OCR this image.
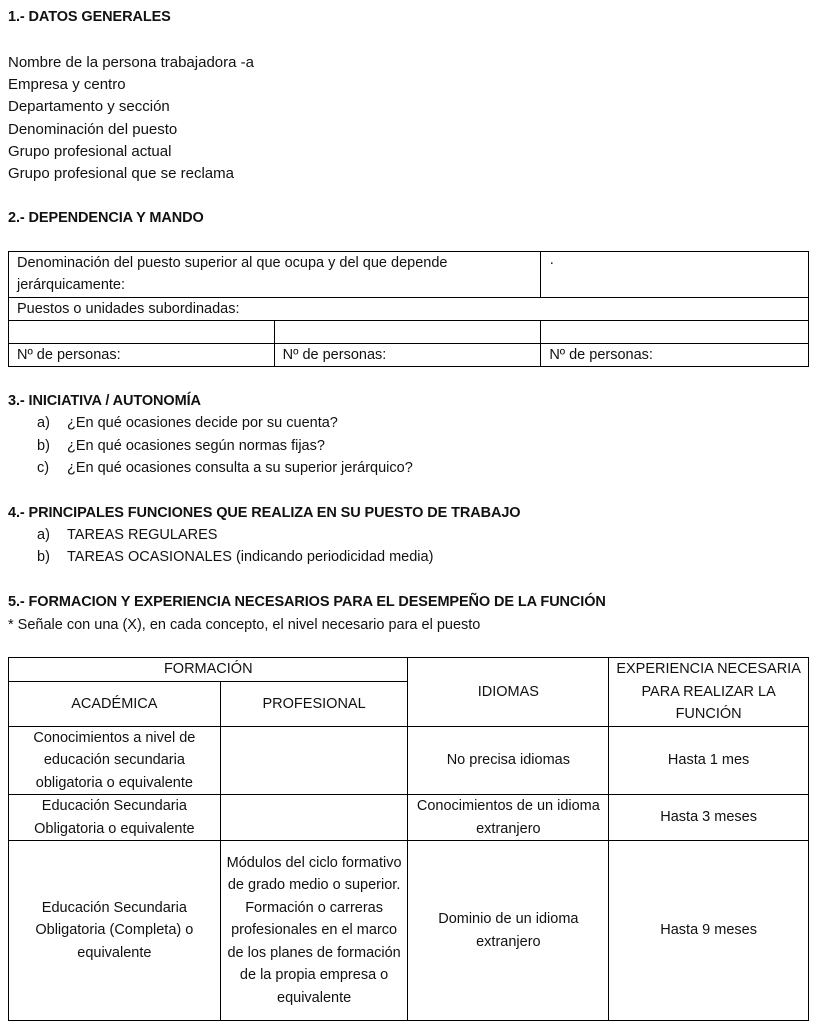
1.- DATOS GENERALES
Nombre de la persona trabajadora -a
Empresa y centro
Departamento y sección
Denominación del puesto
Grupo profesional actual
Grupo profesional que se reclama
2.- DEPENDENCIA Y MANDO
Denominación del puesto superior al que ocupa y del que depende jerárquicamente:		·
Puestos o unidades subordinadas:		

Nº de personas:	Nº de personas:	Nº de personas:
3.- INICIATIVA / AUTONOMÍA
a) ¿En qué ocasiones decide por su cuenta?
b) ¿En qué ocasiones según normas fijas?
c) ¿En qué ocasiones consulta a su superior jerárquico?
4.- PRINCIPALES FUNCIONES QUE REALIZA EN SU PUESTO DE TRABAJO
a) TAREAS REGULARES
b) TAREAS OCASIONALES (indicando periodicidad media)
5.- FORMACION Y EXPERIENCIA NECESARIOS PARA EL DESEMPEÑO DE LA FUNCIÓN
* Señale con una (X), en cada concepto, el nivel necesario para el puesto
FORMACIÓN		IDIOMAS	EXPERIENCIA NECESARIA PARA REALIZAR LA FUNCIÓN
ACADÉMICA	PROFESIONAL		
Conocimientos a nivel de educación secundaria obligatoria o equivalente		No precisa idiomas	Hasta 1 mes
Educación Secundaria Obligatoria o equivalente		Conocimientos de un idioma extranjero	Hasta 3 meses
Educación Secundaria Obligatoria (Completa) o equivalente	Módulos del ciclo formativo de grado medio o superior. Formación o carreras profesionales en el marco de los planes de formación de la propia empresa o equivalente	Dominio de un idioma extranjero	Hasta 9 meses
